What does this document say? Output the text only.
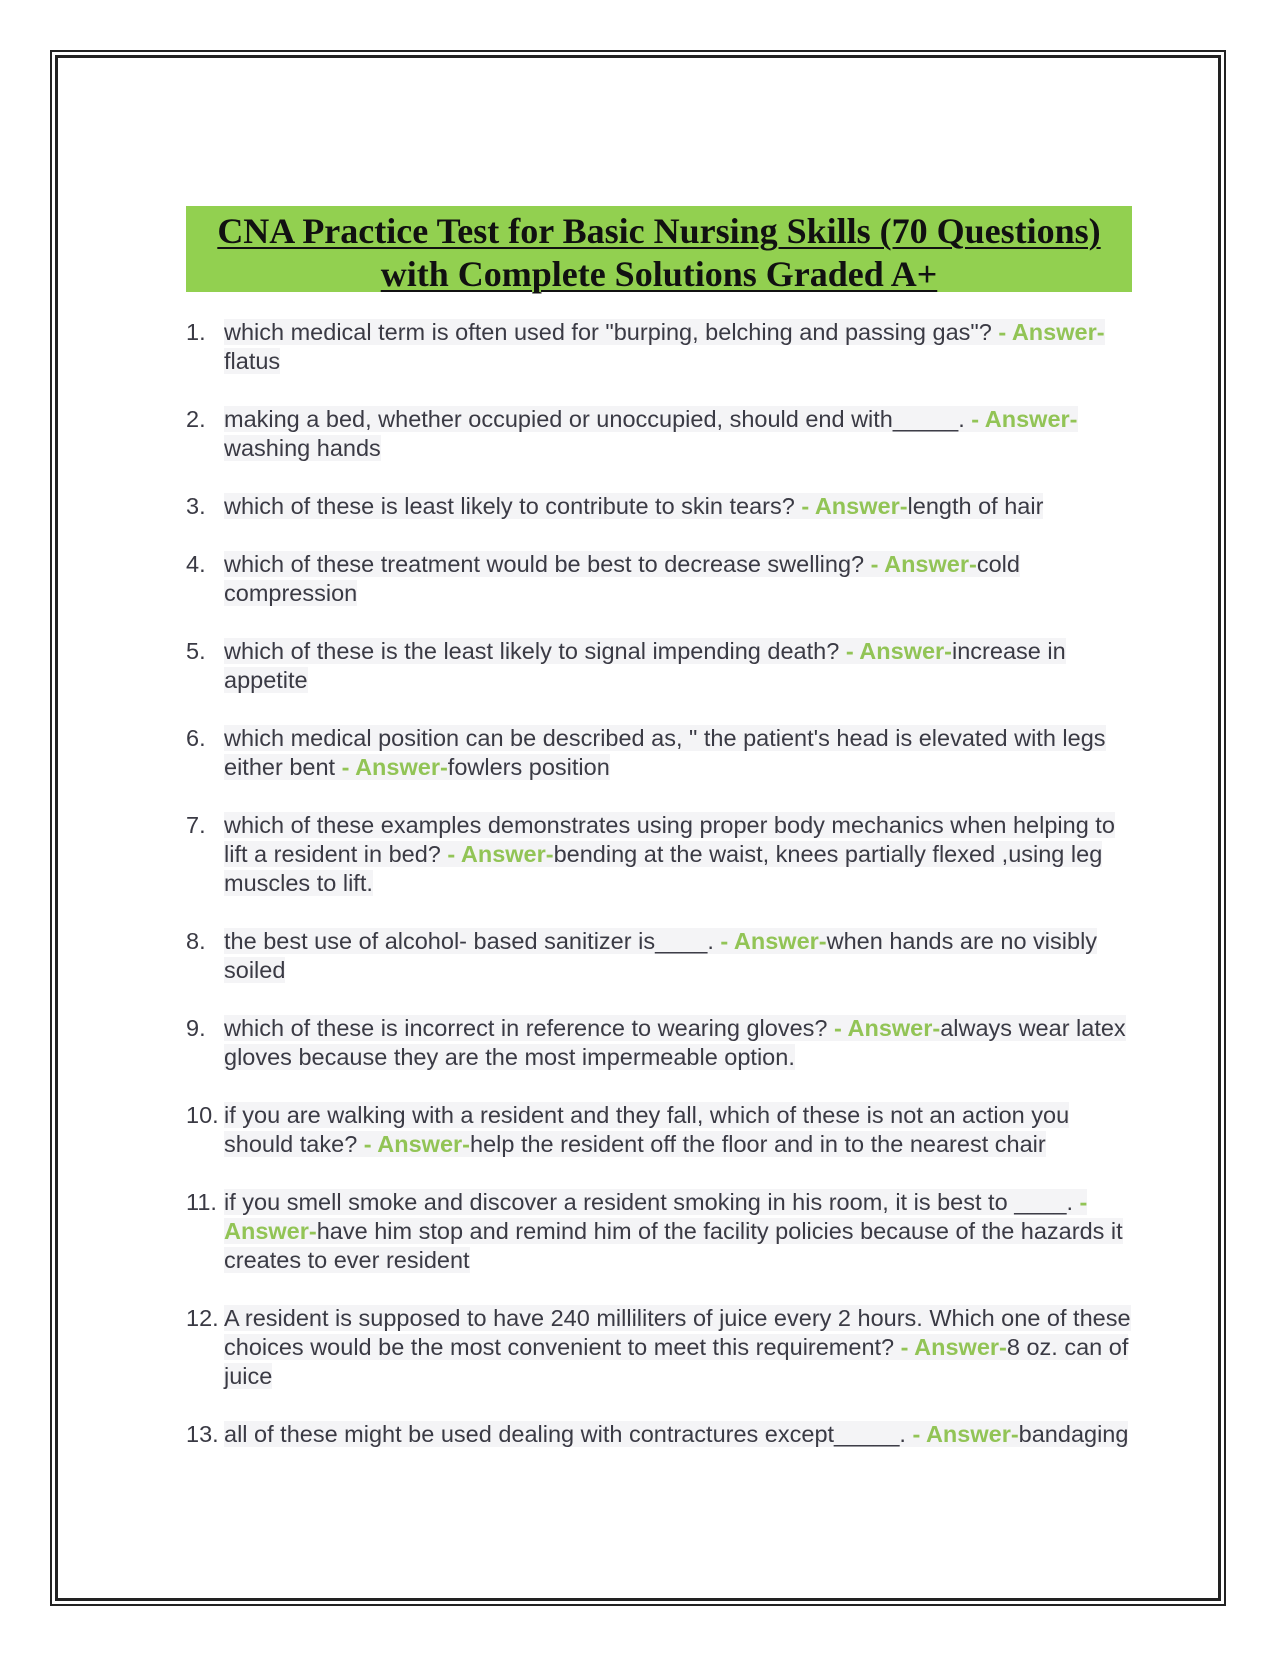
CNA Practice Test for Basic Nursing Skills (70 Questions)
with Complete Solutions Graded A+
1. which medical term is often used for "burping, belching and passing gas"? - Answer-flatus
2. making a bed, whether occupied or unoccupied, should end with_____. - Answer-washing hands
3. which of these is least likely to contribute to skin tears? - Answer-length of hair
4. which of these treatment would be best to decrease swelling? - Answer-cold compression
5. which of these is the least likely to signal impending death? - Answer-increase in appetite
6. which medical position can be described as, " the patient's head is elevated with legs either bent - Answer-fowlers position
7. which of these examples demonstrates using proper body mechanics when helping to lift a resident in bed? - Answer-bending at the waist, knees partially flexed ,using leg muscles to lift.
8. the best use of alcohol- based sanitizer is____. - Answer-when hands are no visibly soiled
9. which of these is incorrect in reference to wearing gloves? - Answer-always wear latex gloves because they are the most impermeable option.
10. if you are walking with a resident and they fall, which of these is not an action you should take? - Answer-help the resident off the floor and in to the nearest chair
11. if you smell smoke and discover a resident smoking in his room, it is best to ____. - Answer-have him stop and remind him of the facility policies because of the hazards it creates to ever resident
12. A resident is supposed to have 240 milliliters of juice every 2 hours. Which one of these choices would be the most convenient to meet this requirement? - Answer-8 oz. can of juice
13. all of these might be used dealing with contractures except_____. - Answer-bandaging
